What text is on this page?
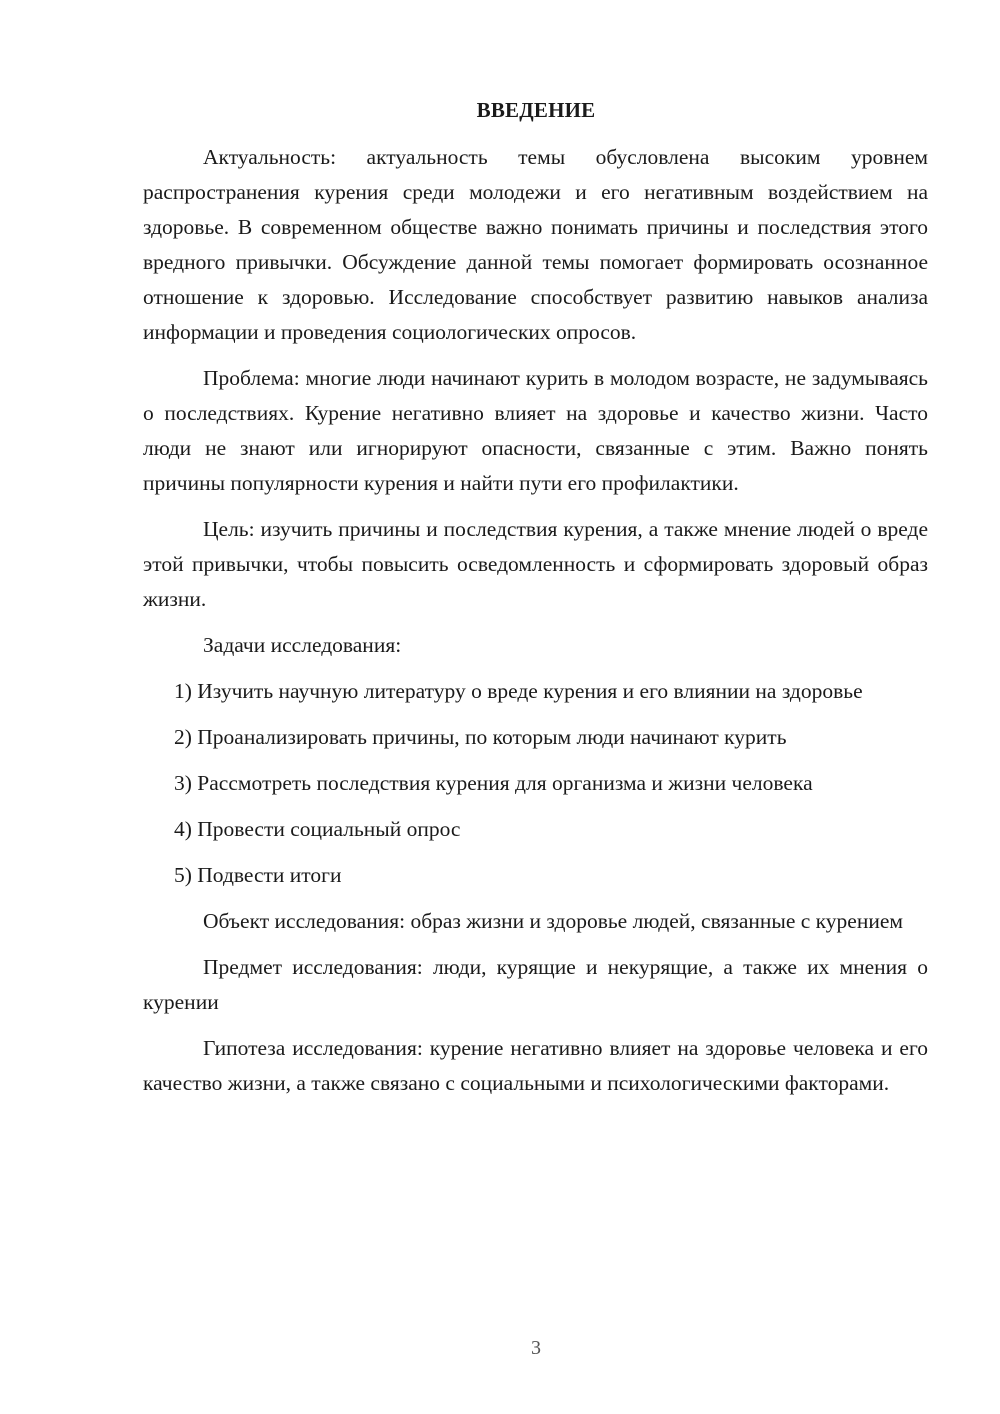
ВВЕДЕНИЕ

Актуальность: актуальность темы обусловлена высоким уровнем распространения курения среди молодежи и его негативным воздействием на здоровье. В современном обществе важно понимать причины и последствия этого вредного привычки. Обсуждение данной темы помогает формировать осознанное отношение к здоровью. Исследование способствует развитию навыков анализа информации и проведения социологических опросов.

Проблема: многие люди начинают курить в молодом возрасте, не задумываясь о последствиях. Курение негативно влияет на здоровье и качество жизни. Часто люди не знают или игнорируют опасности, связанные с этим. Важно понять причины популярности курения и найти пути его профилактики.

Цель: изучить причины и последствия курения, а также мнение людей о вреде этой привычки, чтобы повысить осведомленность и сформировать здоровый образ жизни.

Задачи исследования:

1) Изучить научную литературу о вреде курения и его влиянии на здоровье

2) Проанализировать причины, по которым люди начинают курить

3) Рассмотреть последствия курения для организма и жизни человека

4) Провести социальный опрос

5) Подвести итоги

Объект исследования: образ жизни и здоровье людей, связанные с курением

Предмет исследования: люди, курящие и некурящие, а также их мнения о курении

Гипотеза исследования: курение негативно влияет на здоровье человека и его качество жизни, а также связано с социальными и психологическими факторами.

3
